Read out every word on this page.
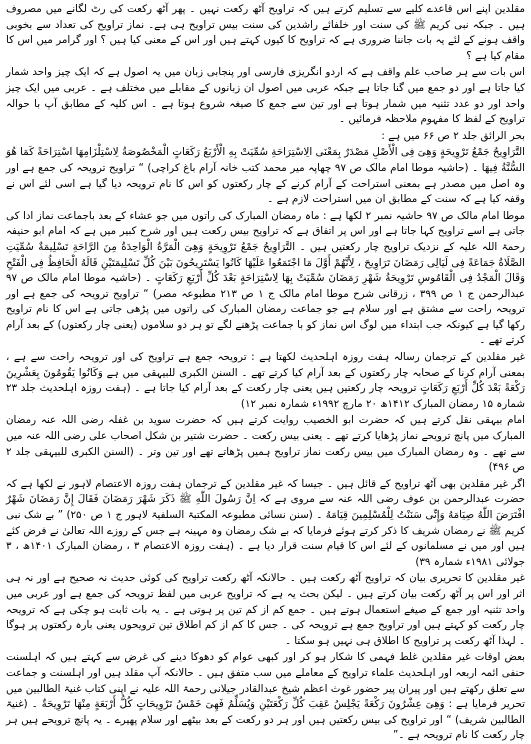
مقلدین اپنے اس قاعدے کلیے سے تسلیم کرتے ہیں کہ تراویح آٹھ رکعت نہیں ۔ پھر آٹھ رکعت کی رٹ لگانے میں مصروف ہیں ۔ جبکہ نبی کریم ﷺ کی سنت اور خلفائے راشدین کی سنت بیس تراویح ہی ہے۔ نماز تراویح کی تعداد سے بخوبی واقف ہونے کے لئے یہ بات جاننا ضروری ہے کہ تراویح کا کیوں کہتے ہیں اور اس کے معنی کیا ہیں ؟ اور گرامر میں اس کا مقام کیا ہے ؟

اس بات سے ہر صاحب علم واقف ہے کہ اردو انگریزی فارسی اور پنجابی زبان میں یہ اصول ہے کہ ایک چیز واحد شمار کیا جاتا ہے اور دو جمع میں گنا جاتا ہے جبکہ عربی میں اصول ان زبانوں کے مقابلے میں مختلف ہے ۔ عربی میں ایک چیز واحد اور دو عدد تثنیہ میں شمار ہوتا ہے اور تین سے جمع کا صیغہ شروع ہوتا ہے ۔ اس کلیہ کے مطابق آپ با حوالہ تراویح کے لفظ کا مفہوم ملاحظہ فرمائیں ۔

بحر الرائق جلد ۲ ص ۶۶ میں ہے :

التَّرَاوِیحُ جَمْعُ تَرْوِیحَةٍ وَهِیَ فِی الْأَصْلِ مَصْدَرٌ بِمَعْنَی الِاسْتِرَاحَةِ سُمِّیَتْ بِهِ الْأَرْبَعُ رَكَعَاتٍ الْمَخْصُوصَةُ لِاسْتِلْزَامِهَا اسْتِرَاحَةً كَمَا هُوَ السُّنَّةُ فِیهَا ۔ (حاشیہ موطا امام مالک ص ۹۷ چھاپہ میر محمد کتب خانہ آرام باغ کراچی) “ تراویح ترویحہ کی جمع ہے اور وہ اصل میں مصدر ہے بمعنی استراحت کے آرام کرنے کے چار رکعتوں کو اس کا نام ترویحہ دیا گیا ہے اسی لئے اس نے وقفہ کیا ہے کہ سنت کے مطابق ان میں استراحت لازم ہے ۔

موطا امام مالک ص ۹۷ حاشیہ نمبر ۲ لکھا ہے : ماہ رمضان المبارک کی راتوں میں جو عشاء کے بعد باجماعت نماز ادا کی جاتی ہے اسے تراویح کہا جاتا ہے اور اس پر اتفاق ہے کہ تراویح بیس رکعت ہیں اور شرح کبیر میں ہے کہ امام ابو حنیفہ رحمۃ اللہ علیہ کے نزدیک تراویح چار رکعتیں ہیں ۔ التَّرَاوِیحُ جَمْعُ تَرْوِیحَةٍ وَهِیَ الْمَرَّةُ الْوَاحِدَةُ مِنَ الرَّاحَةِ تَسْلِیمَةٌ سُمِّیَتِ الصَّلَاةُ جَمَاعَةً فِی لَیَالِی رَمَضَانَ تَرَاوِیحَ ، لِأَنَّهُمْ أَوَّلَ مَا اجْتَمَعُوا عَلَیْهَا كَانُوا یَسْتَرِیحُونَ بَیْنَ كُلِّ تَسْلِیمَتَیْنِ قَالَهُ الْحَافِظُ فِی الْفَتْحِ وَقَالَ الْمَجْدُ فِی الْقَامُوسِ تَرْوِیحَةُ شَهْرِ رَمَضَانَ سُمِّیَتْ بِهَا لِاسْتِرَاحَةٍ بَعْدَ كُلِّ أَرْبَعِ رَكَعَاتٍ ۔ (حاشیہ موطا امام مالک ص ۹۷ عبدالرحمن ج ۱ ص ۳۹۹ ، زرقانی شرح موطا امام مالک ج ۱ ص ۲۱۳ مطبوعہ مصر) “ تراویح ترویحہ کی جمع ہے اور ترویحہ راحت سے مشتق ہے اور سلام ہے جو جماعت رمضان المبارک کی راتوں میں پڑھی جاتی ہے اس کا نام تراویح رکھا گیا ہے کیونکہ جب ابتداء میں لوگ اس نماز کو با جماعت پڑھنے لگے تو ہر دو سلاموں (یعنی چار رکعتوں) کے بعد آرام کرتے تھے ۔

غیر مقلدین کے ترجمان رسالہ ہفت روزہ اہلحدیث لکھتا ہے : ترویحہ جمع ہے تراویح کی اور ترویحہ راحت سے ہے ، بمعنی آرام کرنا کے صحابہ چار رکعتوں کے بعد آرام کیا کرتے تھے ۔ السنن الکبری للبیہقی میں ہے وَكَانُوا یَقُومُونَ بِعَشْرِینَ رَكْعَةً بَعْدَ كُلِّ أَرْبَعِ رَكَعَاتٍ ترویحہ چار رکعتیں ہیں یعنی چار رکعت کے بعد آرام کیا جاتا ہے ۔ (ہفت روزہ اہلحدیث جلد ۲۳ شمارہ ۱۵ رمضان المبارک ۱۴۱۲ھ ۲۰ مارچ ۱۹۹۲ء شمارہ نمبر ۱۲)

امام بیہقی نقل کرتے ہیں کہ حضرت ابو الخصیب روایت کرتے ہیں کہ حضرت سوید بن غفلہ رضی اللہ عنہ رمضان المبارک میں پانچ ترویحے نماز پڑھایا کرتے تھے ۔ یعنی بیس رکعت ۔ حضرت شتیر بن شکل اصحاب علی رضی اللہ عنہ میں سے تھے ۔ وہ رمضان المبارک میں بیس رکعت نماز تراویح ہمیں پڑھاتے تھے اور تین وتر ۔ (السنن الکبری للبیہقی جلد ۲ ص ۴۹۶)

اگر غیر مقلدین بھی آٹھ تراویح کے قائل ہیں ۔ جیسا کہ غیر مقلدین کے ترجمان ہفت روزہ الاعتصام لاہور نے لکھا ہے کہ حضرت عبدالرحمن بن عوف رضی اللہ عنہ سے مروی ہے کہ اِنَّ رَسُولَ اللّٰهِ ﷺ ذَكَرَ شَهْرَ رَمَضَانَ فَقَالَ إِنَّ رَمَضَانَ شَهْرٌ افْتَرَضَ اللّٰهُ صِیَامَهُ وَإِنِّی سَنَنْتُ لِلْمُسْلِمِینَ قِیَامَهُ ۔ (سنن نسائی مطبوعہ المکتبۃ السلفیۃ لاہور ج ۱ ص ۲۵۰) ” بے شک نبی کریم ﷺ نے رمضان شریف کا ذکر کرتے ہوئے فرمایا کہ بے شک رمضان وہ مہینہ ہے جس کے روزے اللہ تعالیٰ نے فرض کئے ہیں اور میں نے مسلمانوں کے لئے اس کا قیام سنت قرار دیا ہے ۔ (ہفت روزہ الاعتصام ۳ ، رمضان المبارک ۱۴۰۱ھ ، ۳ جولائی ۱۹۸۱ء شمارہ ۳۹)

غیر مقلدین کا تحریری بیان کہ تراویح آٹھ رکعت ہیں ۔ حالانکہ آٹھ رکعت تراویح کی کوئی حدیث نہ صحیح ہے اور نہ ہی اثر اور اس پر آٹھ رکعت بیان کرتے ہیں ۔ لیکن بحث یہ ہے کہ تراویح عربی میں لفظ ترویحہ کی جمع ہے اور عربی میں واحد تثنیہ اور جمع کے صیغے استعمال ہوتے ہیں ۔ جمع کم از کم تین پر ہوتی ہے ۔ یہ بات ثابت ہو چکی ہے کہ ترویحہ چار رکعت کو کہتے ہیں اور تراویح جمع ہے ترویحہ کی ۔ جس کا کم از کم اطلاق تین ترویحوں یعنی بارہ رکعتوں پر ہوگا ۔ لہذا آٹھ رکعت پر تراویح کا اطلاق ہی نہیں ہو سکتا ۔

بعض اوقات غیر مقلدین غلط فہمی کا شکار ہو کر اور کبھی عوام کو دھوکا دینے کی غرض سے کہتے ہیں کہ اہلسنت حنفی ائمہ اربعہ اور اہلحدیث علماء تراویح کے معاملے میں سب متفق ہیں ۔ حالانکہ آپ مقلد ہیں اور اہلسنت و جماعت سے تعلق رکھتے ہیں اور پیران پیر حضور غوث اعظم شیخ عبدالقادر جیلانی رحمۃ اللہ علیہ نے اپنی کتاب غنیۃ الطالبین میں تحریر فرمایا ہے : وَهِیَ عِشْرُونَ رَكْعَةً یَجْلِسُ عَقِبَ كُلِّ رَكْعَتَیْنِ وَیُسَلِّمُ فَهِیَ خَمْسُ تَرْوِیحَاتٍ كُلُّ أَرْبَعَةٍ مِنْهَا تَرْوِیحَةٌ ۔ (غنیۃ الطالبین شریف) “ اور تراویح کی بیس رکعتیں ہیں اور ہر دو رکعت کے بعد بیٹھے اور سلام پھیرے ۔ یہ پانچ ترویحے ہیں ہر چار رکعت کا نام ترویحہ ہے ۔”
